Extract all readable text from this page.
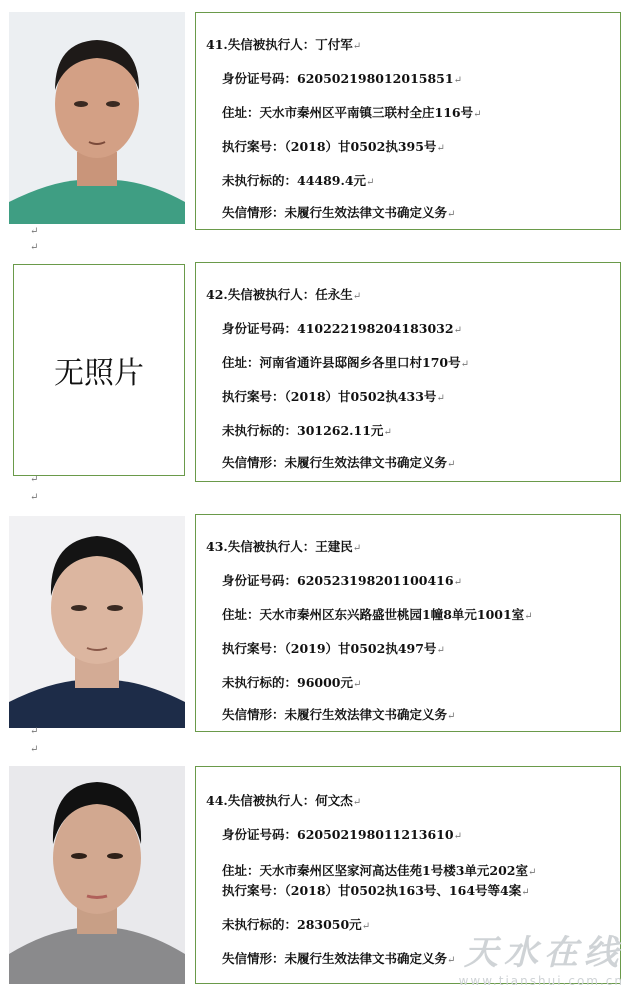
41.失信被执行人：丁付军↵
身份证号码：620502198012015851↵
住址：天水市秦州区平南镇三联村全庄116号↵
执行案号：（2018）甘0502执395号↵
未执行标的：44489.4元↵
失信情形：未履行生效法律文书确定义务↵
↵
↵
无照片
42.失信被执行人：任永生↵
身份证号码：410222198204183032↵
住址：河南省通许县邸阁乡各里口村170号↵
执行案号：（2018）甘0502执433号↵
未执行标的：301262.11元↵
失信情形：未履行生效法律文书确定义务↵
↵
↵
43.失信被执行人：王建民↵
身份证号码：620523198201100416↵
住址：天水市秦州区东兴路盛世桃园1幢8单元1001室↵
执行案号：（2019）甘0502执497号↵
未执行标的：96000元↵
失信情形：未履行生效法律文书确定义务↵
↵
↵
44.失信被执行人：何文杰↵
身份证号码：620502198011213610↵
住址：天水市秦州区坚家河高达佳苑1号楼3单元202室↵
执行案号：（2018）甘0502执163号、164号等4案↵
未执行标的：283050元↵
失信情形：未履行生效法律文书确定义务↵ 天水在线
www.tianshui.com.cn
